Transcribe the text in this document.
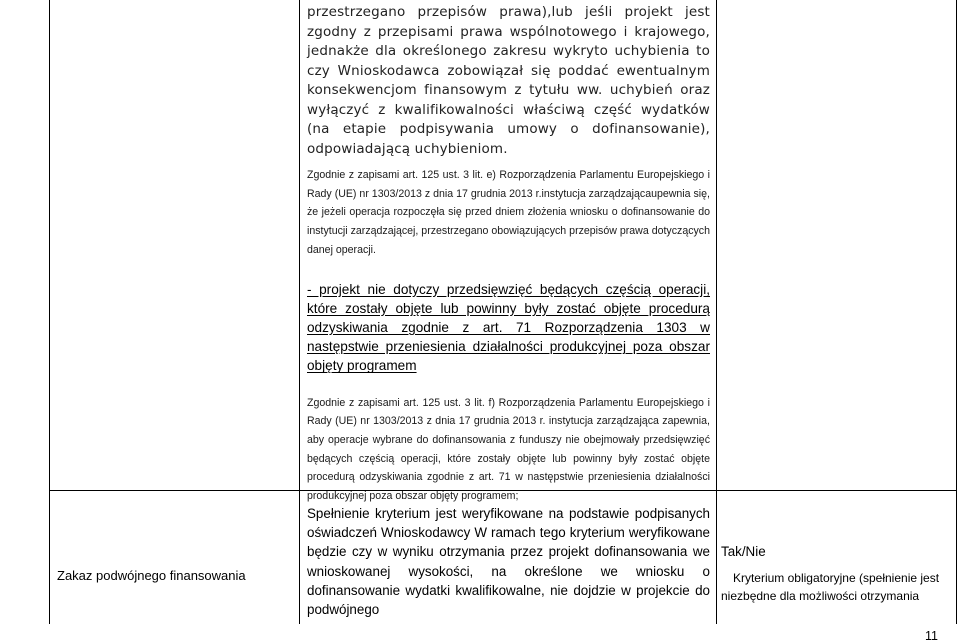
przestrzegano przepisów prawa),lub jeśli projekt jest zgodny z przepisami prawa wspólnotowego i krajowego, jednakże dla określonego zakresu wykryto uchybienia to czy Wnioskodawca zobowiązał się poddać ewentualnym konsekwencjom finansowym z tytułu ww. uchybień oraz wyłączyć z kwalifikowalności właściwą część wydatków (na etapie podpisywania umowy o dofinansowanie), odpowiadającą uchybieniom.
Zgodnie z zapisami art. 125 ust. 3 lit. e) Rozporządzenia Parlamentu Europejskiego i Rady (UE) nr 1303/2013 z dnia 17 grudnia 2013 r.instytucja zarządzającaupewnia się, że jeżeli operacja rozpoczęła się przed dniem złożenia wniosku o dofinansowanie do instytucji zarządzającej, przestrzegano obowiązujących przepisów prawa dotyczących danej operacji.
- projekt nie dotyczy przedsięwzięć będących częścią operacji, które zostały objęte lub powinny były zostać objęte procedurą odzyskiwania zgodnie z art. 71 Rozporządzenia 1303 w następstwie przeniesienia działalności produkcyjnej poza obszar objęty programem
Zgodnie z zapisami art. 125 ust. 3 lit. f) Rozporządzenia Parlamentu Europejskiego i Rady (UE) nr 1303/2013 z dnia 17 grudnia 2013 r. instytucja zarządzająca zapewnia, aby operacje wybrane do dofinansowania z funduszy nie obejmowały przedsięwzięć będących częścią operacji, które zostały objęte lub powinny były zostać objęte procedurą odzyskiwania zgodnie z art. 71 w następstwie przeniesienia działalności produkcyjnej poza obszar objęty programem;
Zakaz podwójnego finansowania
Spełnienie kryterium jest weryfikowane na podstawie podpisanych oświadczeń Wnioskodawcy W ramach tego kryterium weryfikowane będzie czy w wyniku otrzymania przez projekt dofinansowania we wnioskowanej wysokości, na określone we wniosku o dofinansowanie wydatki kwalifikowalne, nie dojdzie w projekcie do podwójnego
Tak/Nie
Kryterium obligatoryjne (spełnienie jest niezbędne dla możliwości otrzymania
11
